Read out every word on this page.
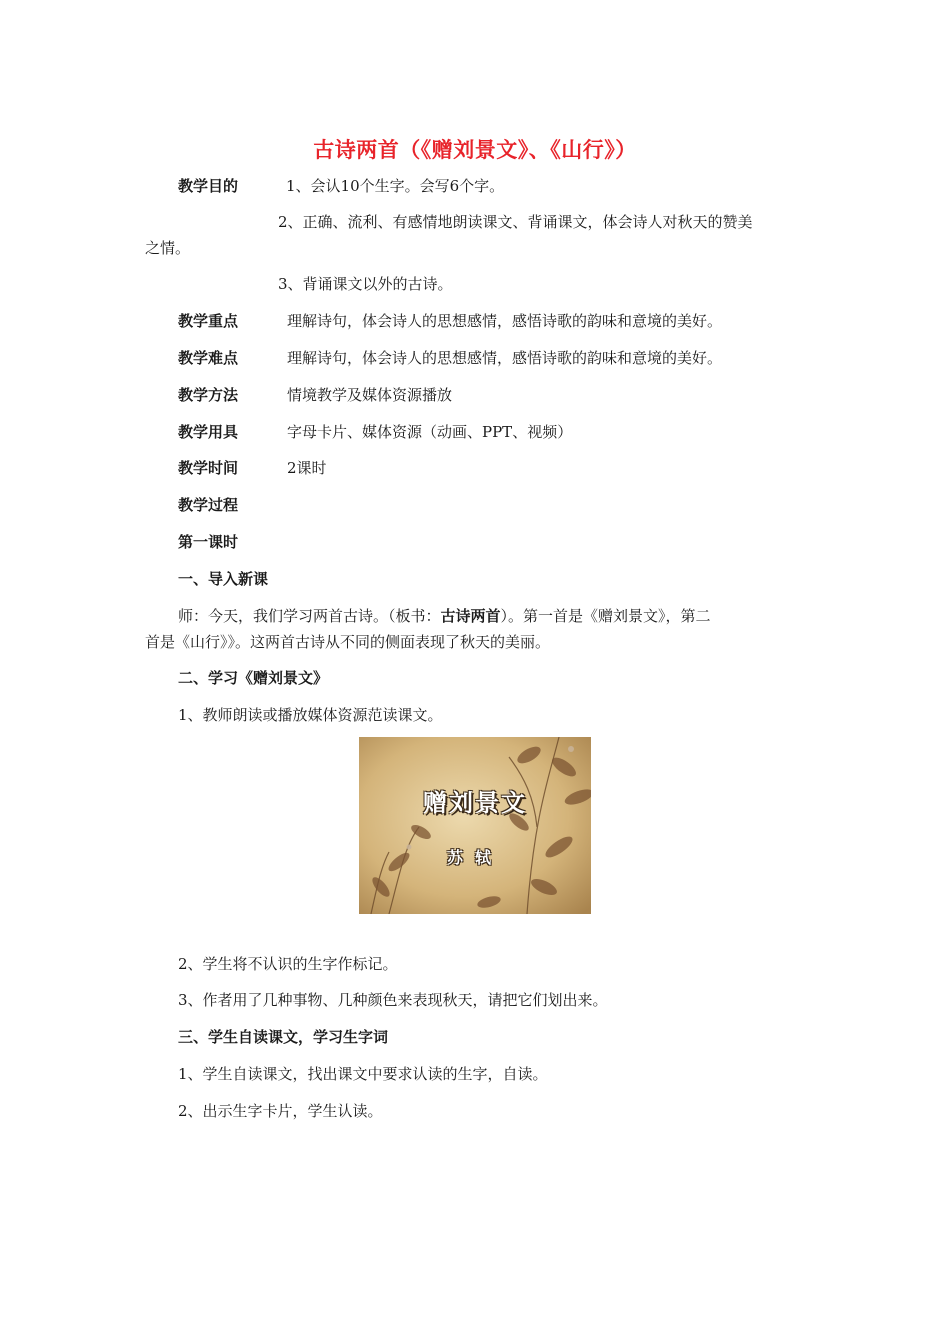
古诗两首（《赠刘景文》、《山行》）
教学目的	1、会认10个生字。会写6个字。
2、正确、流利、有感情地朗读课文、背诵课文，体会诗人对秋天的赞美
之情。
3、背诵课文以外的古诗。
教学重点	理解诗句，体会诗人的思想感情，感悟诗歌的韵味和意境的美好。
教学难点	理解诗句，体会诗人的思想感情，感悟诗歌的韵味和意境的美好。
教学方法	情境教学及媒体资源播放
教学用具	字母卡片、媒体资源（动画、PPT、视频）
教学时间	2课时
教学过程
第一课时
一、导入新课
师：今天，我们学习两首古诗。（板书：古诗两首）。第一首是《赠刘景文》，第二
首是《山行》》。这两首古诗从不同的侧面表现了秋天的美丽。
二、学习《赠刘景文》
1、教师朗读或播放媒体资源范读课文。
赠刘景文
苏轼
2、学生将不认识的生字作标记。
3、作者用了几种事物、几种颜色来表现秋天，请把它们划出来。
三、学生自读课文，学习生字词
1、学生自读课文，找出课文中要求认读的生字，自读。
2、出示生字卡片，学生认读。
